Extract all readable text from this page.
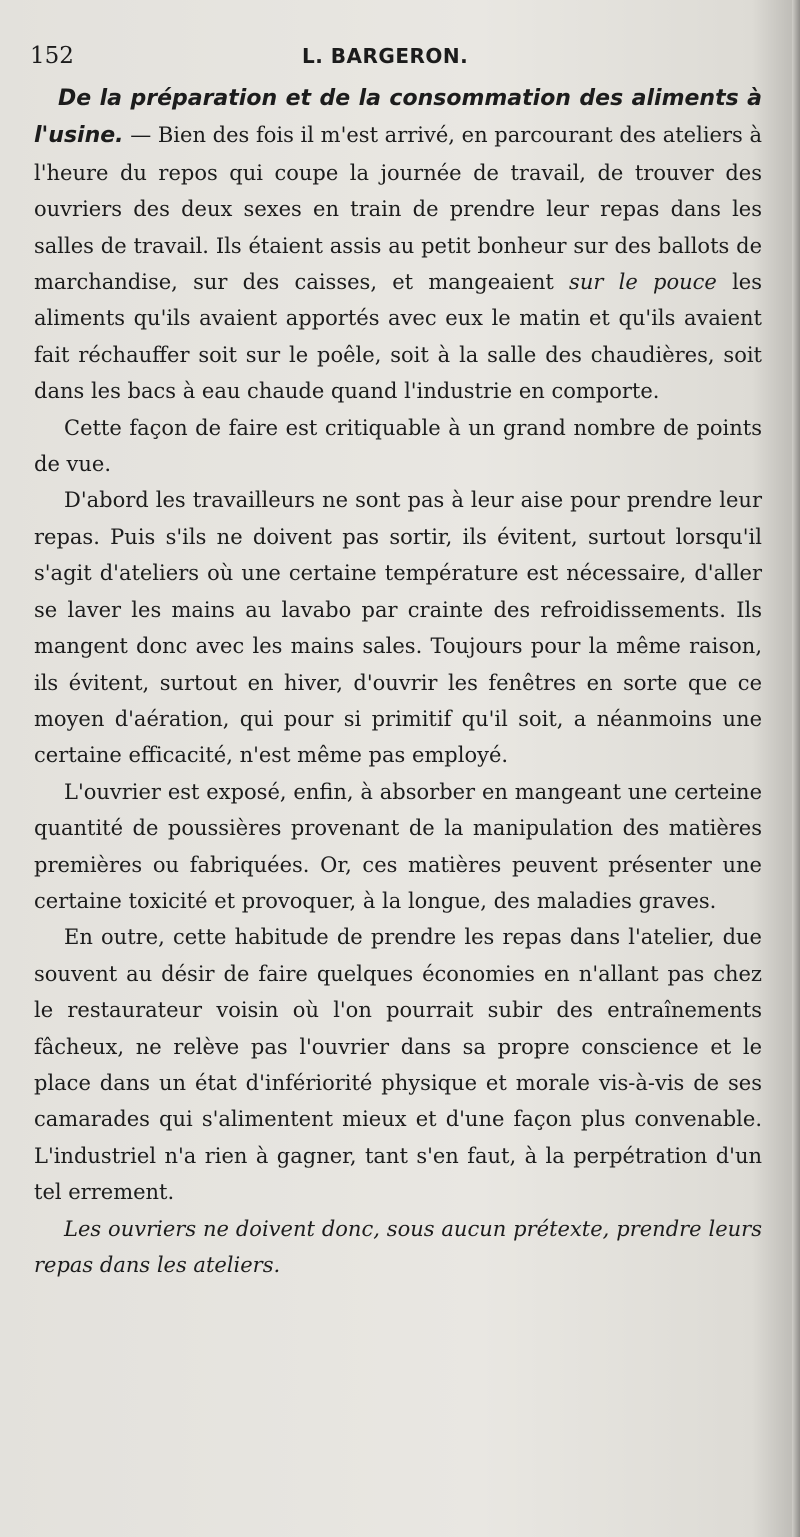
152	L. BARGERON.

De la préparation et de la consommation des aliments à l'usine. — Bien des fois il m'est arrivé, en parcourant des ateliers à l'heure du repos qui coupe la journée de travail, de trouver des ouvriers des deux sexes en train de prendre leur repas dans les salles de travail. Ils étaient assis au petit bonheur sur des ballots de marchandise, sur des caisses, et mangeaient sur le pouce les aliments qu'ils avaient apportés avec eux le matin et qu'ils avaient fait réchauffer soit sur le poêle, soit à la salle des chaudières, soit dans les bacs à eau chaude quand l'industrie en comporte.

Cette façon de faire est critiquable à un grand nombre de points de vue.

D'abord les travailleurs ne sont pas à leur aise pour prendre leur repas. Puis s'ils ne doivent pas sortir, ils évitent, surtout lorsqu'il s'agit d'ateliers où une certaine température est nécessaire, d'aller se laver les mains au lavabo par crainte des refroidissements. Ils mangent donc avec les mains sales. Toujours pour la même raison, ils évitent, surtout en hiver, d'ouvrir les fenêtres en sorte que ce moyen d'aération, qui pour si primitif qu'il soit, a néanmoins une certaine efficacité, n'est même pas employé.

L'ouvrier est exposé, enfin, à absorber en mangeant une certeine quantité de poussières provenant de la manipulation des matières premières ou fabriquées. Or, ces matières peuvent présenter une certaine toxicité et provoquer, à la longue, des maladies graves.

En outre, cette habitude de prendre les repas dans l'atelier, due souvent au désir de faire quelques économies en n'allant pas chez le restaurateur voisin où l'on pourrait subir des entraînements fâcheux, ne relève pas l'ouvrier dans sa propre conscience et le place dans un état d'infériorité physique et morale vis-à-vis de ses camarades qui s'alimentent mieux et d'une façon plus convenable. L'industriel n'a rien à gagner, tant s'en faut, à la perpétration d'un tel errement.

Les ouvriers ne doivent donc, sous aucun prétexte, prendre leurs repas dans les ateliers.
